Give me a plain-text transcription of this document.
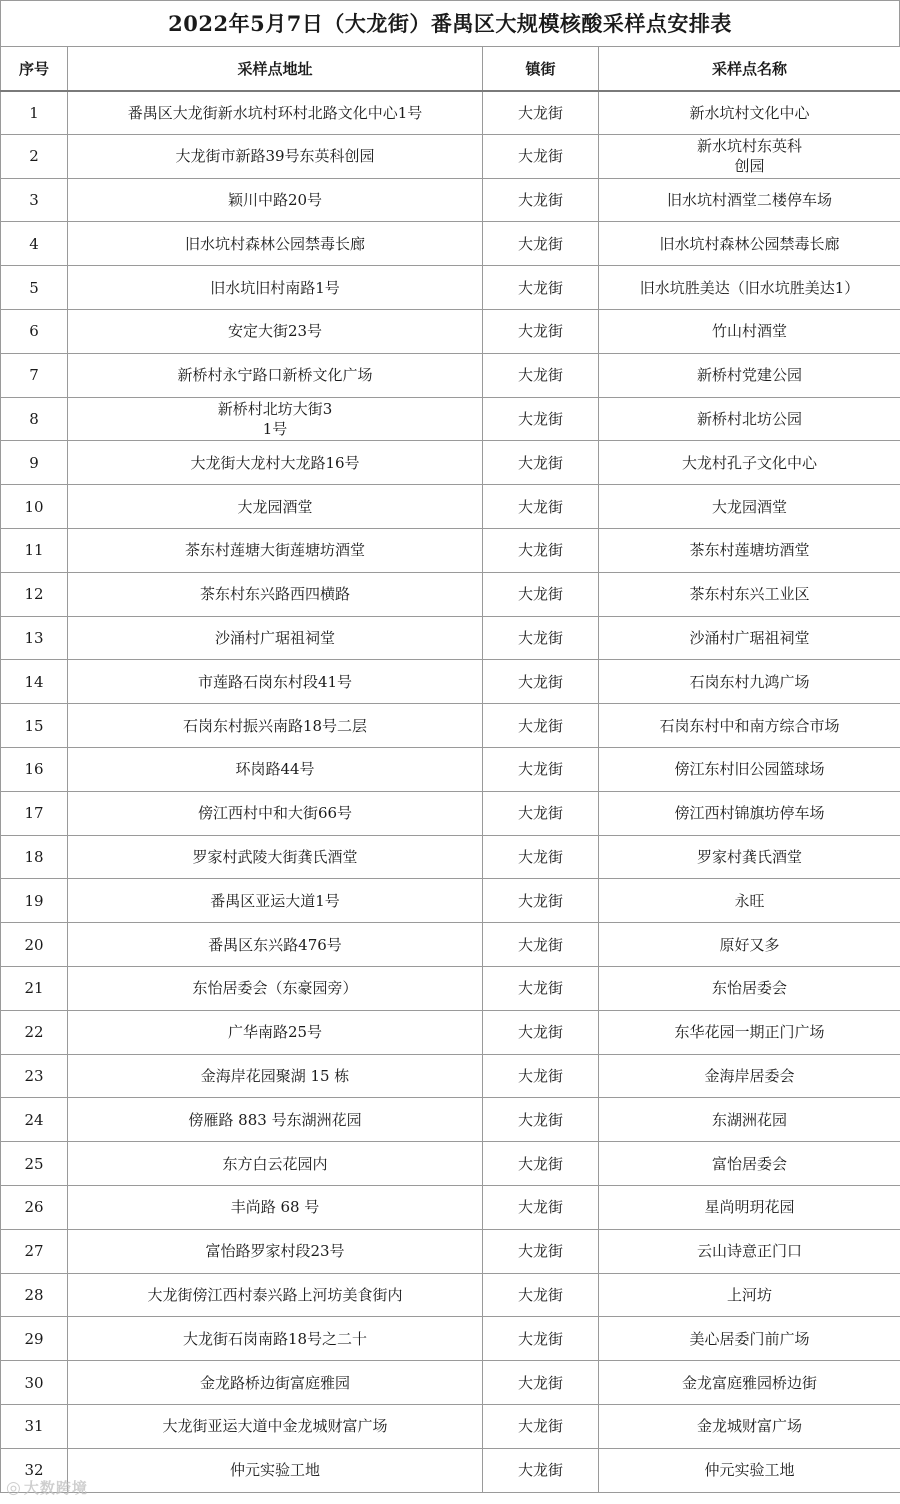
2022年5月7日（大龙街）番禺区大规模核酸采样点安排表
序号	采样点地址	镇街	采样点名称
1	番禺区大龙街新水坑村环村北路文化中心1号	大龙街	新水坑村文化中心
2	大龙街市新路39号东英科创园	大龙街	新水坑村东英科创园
3	颖川中路20号	大龙街	旧水坑村酒堂二楼停车场
4	旧水坑村森林公园禁毒长廊	大龙街	旧水坑村森林公园禁毒长廊
5	旧水坑旧村南路1号	大龙街	旧水坑胜美达（旧水坑胜美达1）
6	安定大街23号	大龙街	竹山村酒堂
7	新桥村永宁路口新桥文化广场	大龙街	新桥村党建公园
8	新桥村北坊大街31号	大龙街	新桥村北坊公园
9	大龙街大龙村大龙路16号	大龙街	大龙村孔子文化中心
10	大龙园酒堂	大龙街	大龙园酒堂
11	茶东村莲塘大街莲塘坊酒堂	大龙街	茶东村莲塘坊酒堂
12	茶东村东兴路西四横路	大龙街	茶东村东兴工业区
13	沙涌村广琚祖祠堂	大龙街	沙涌村广琚祖祠堂
14	市莲路石岗东村段41号	大龙街	石岗东村九鸿广场
15	石岗东村振兴南路18号二层	大龙街	石岗东村中和南方综合市场
16	环岗路44号	大龙街	傍江东村旧公园篮球场
17	傍江西村中和大街66号	大龙街	傍江西村锦旗坊停车场
18	罗家村武陵大街龚氏酒堂	大龙街	罗家村龚氏酒堂
19	番禺区亚运大道1号	大龙街	永旺
20	番禺区东兴路476号	大龙街	原好又多
21	东怡居委会（东豪园旁）	大龙街	东怡居委会
22	广华南路25号	大龙街	东华花园一期正门广场
23	金海岸花园聚湖 15 栋	大龙街	金海岸居委会
24	傍雁路 883 号东湖洲花园	大龙街	东湖洲花园
25	东方白云花园内	大龙街	富怡居委会
26	丰尚路 68 号	大龙街	星尚明玥花园
27	富怡路罗家村段23号	大龙街	云山诗意正门口
28	大龙街傍江西村泰兴路上河坊美食街内	大龙街	上河坊
29	大龙街石岗南路18号之二十	大龙街	美心居委门前广场
30	金龙路桥边街富庭雅园	大龙街	金龙富庭雅园桥边街
31	大龙街亚运大道中金龙城财富广场	大龙街	金龙城财富广场
32	仲元实验工地	大龙街	仲元实验工地
◎ 大数跨境
